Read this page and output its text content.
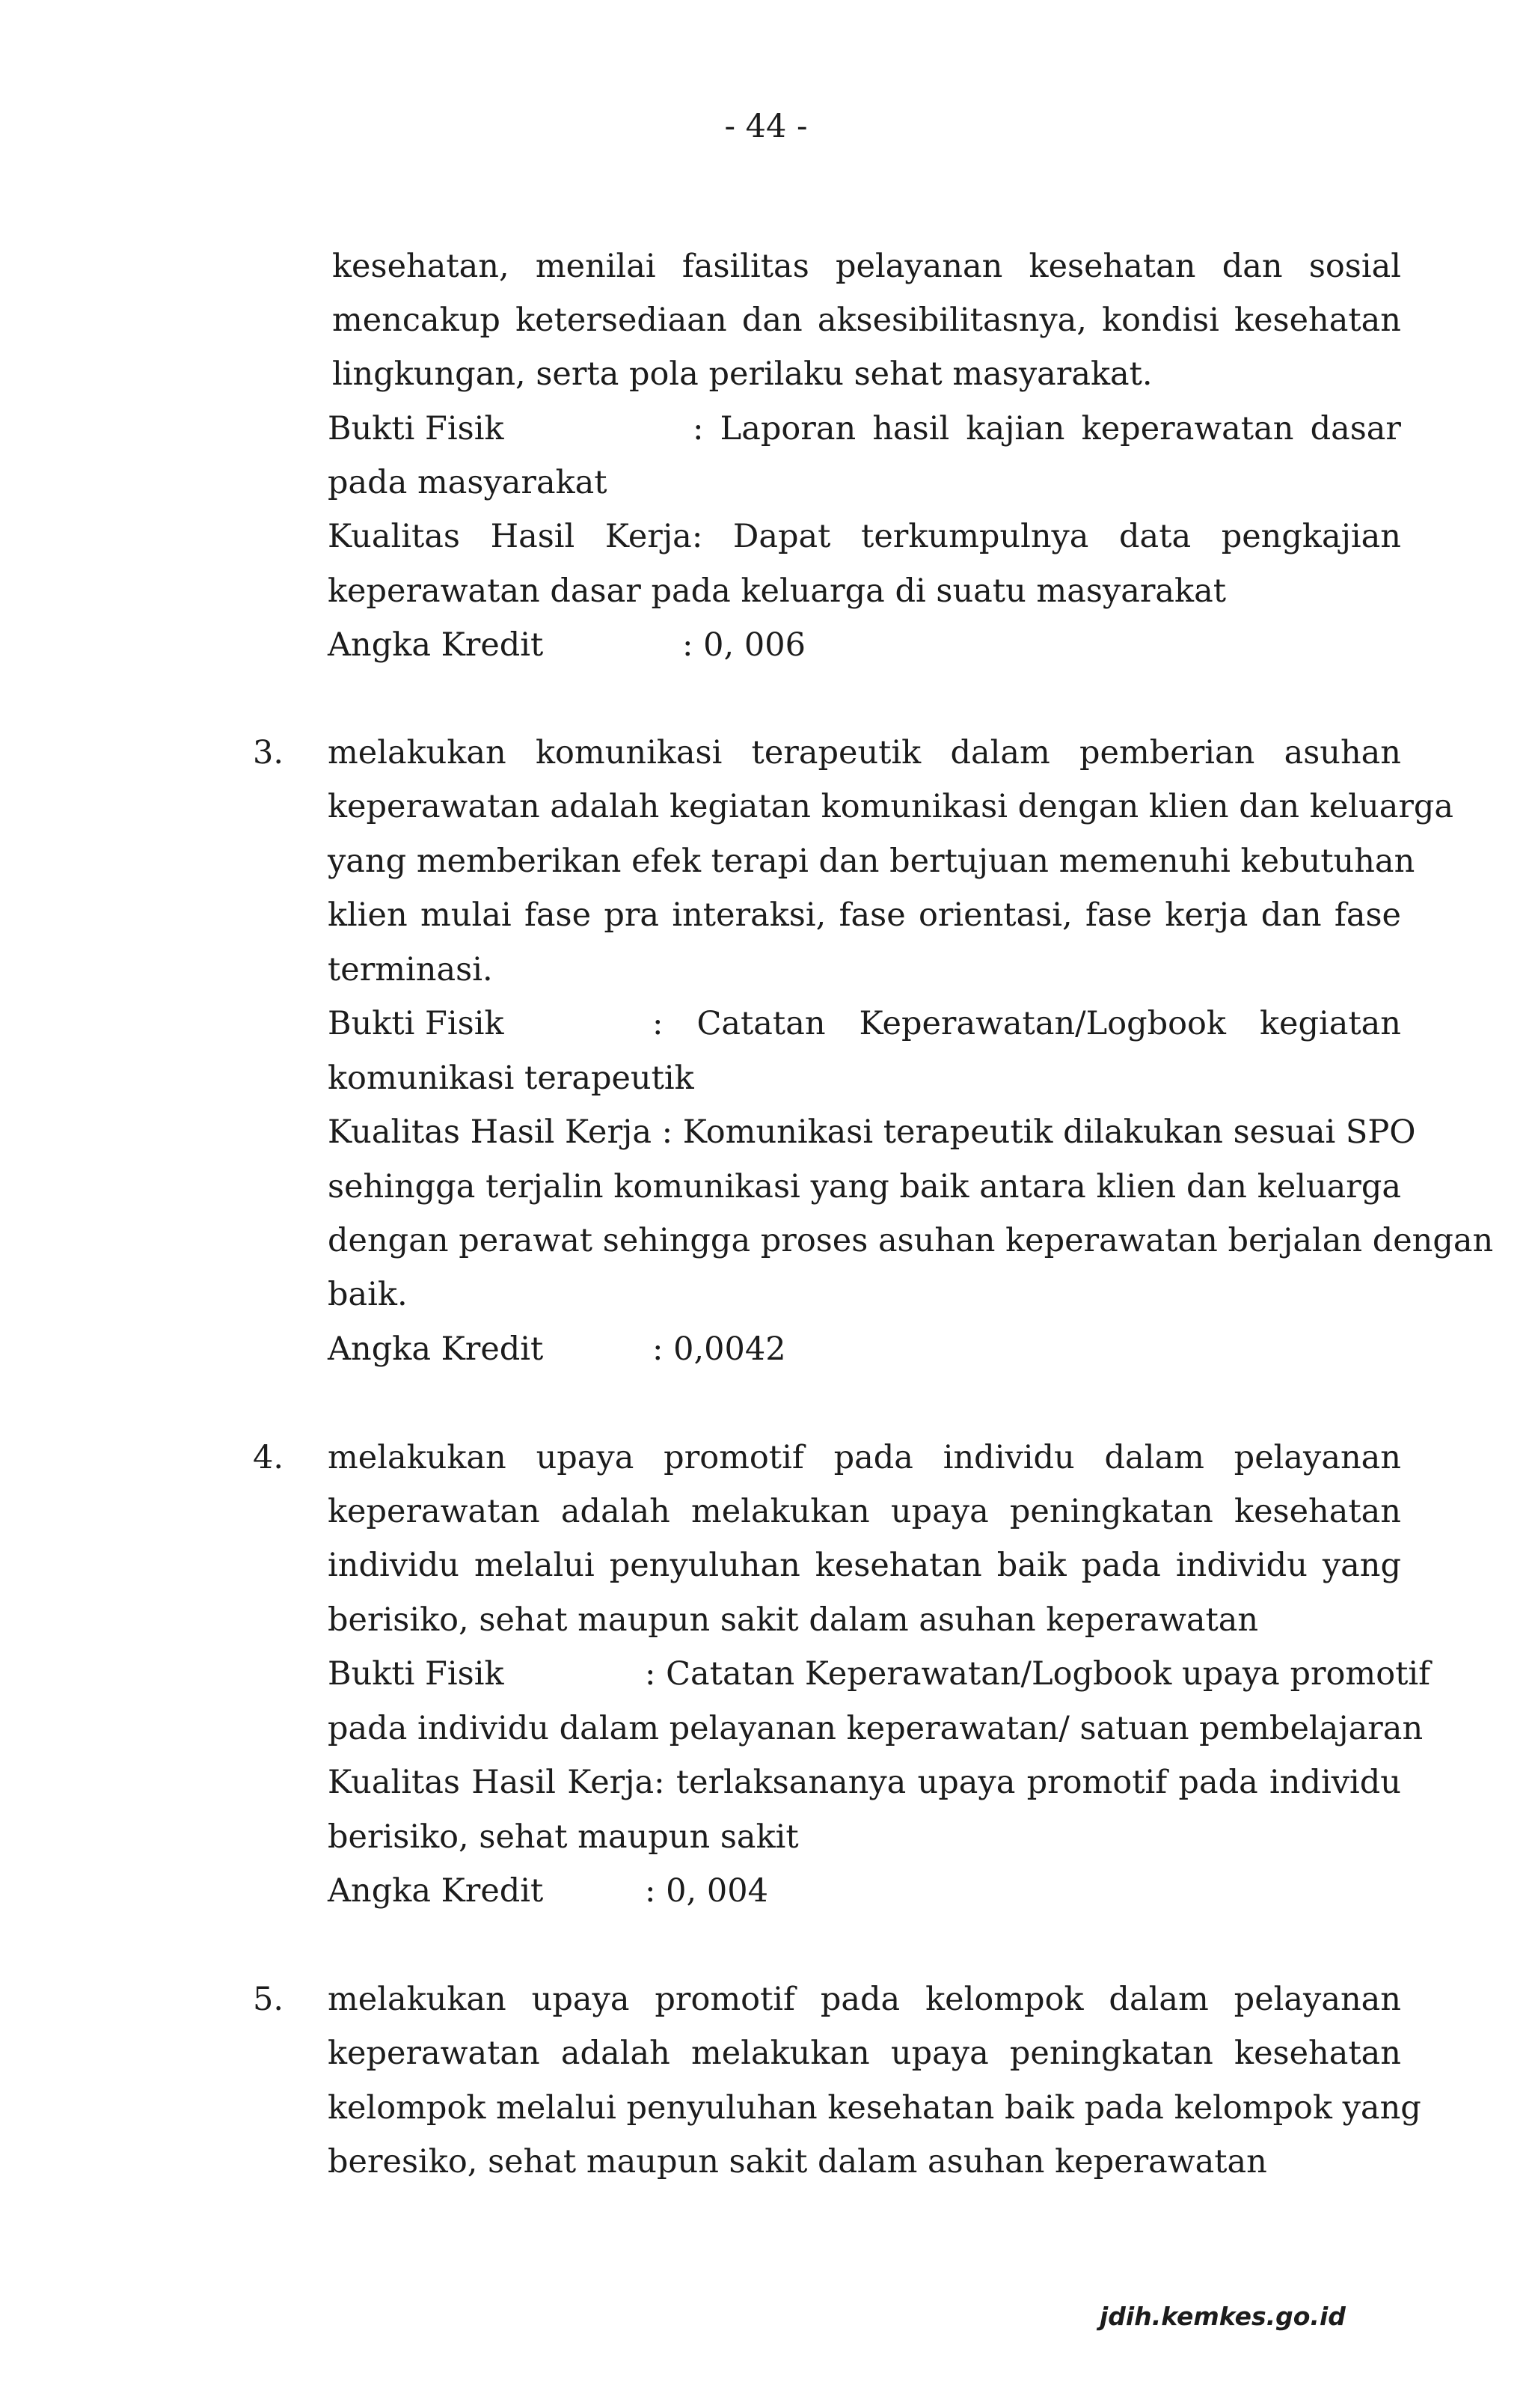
- 44 -
kesehatan, menilai fasilitas pelayanan kesehatan dan sosial
mencakup ketersediaan dan aksesibilitasnya, kondisi kesehatan
lingkungan, serta pola perilaku sehat masyarakat.
Bukti Fisik	: Laporan hasil kajian keperawatan dasar
pada masyarakat
Kualitas Hasil Kerja: Dapat terkumpulnya data pengkajian
keperawatan dasar pada keluarga di suatu masyarakat
Angka Kredit	: 0, 006
3. melakukan komunikasi terapeutik dalam pemberian asuhan
keperawatan adalah kegiatan komunikasi dengan klien dan keluarga
yang memberikan efek terapi dan bertujuan memenuhi kebutuhan
klien mulai fase pra interaksi, fase orientasi, fase kerja dan fase
terminasi.
Bukti Fisik	: Catatan Keperawatan/Logbook kegiatan
komunikasi terapeutik
Kualitas Hasil Kerja : Komunikasi terapeutik dilakukan sesuai SPO
sehingga terjalin komunikasi yang baik antara klien dan keluarga
dengan perawat sehingga proses asuhan keperawatan berjalan dengan
baik.
Angka Kredit	: 0,0042
4. melakukan upaya promotif pada individu dalam pelayanan
keperawatan adalah melakukan upaya peningkatan kesehatan
individu melalui penyuluhan kesehatan baik pada individu yang
berisiko, sehat maupun sakit dalam asuhan keperawatan
Bukti Fisik	: Catatan Keperawatan/Logbook upaya promotif
pada individu dalam pelayanan keperawatan/ satuan pembelajaran
Kualitas Hasil Kerja: terlaksananya upaya promotif pada individu
berisiko, sehat maupun sakit
Angka Kredit	: 0, 004
5. melakukan upaya promotif pada kelompok dalam pelayanan
keperawatan adalah melakukan upaya peningkatan kesehatan
kelompok melalui penyuluhan kesehatan baik pada kelompok yang
beresiko, sehat maupun sakit dalam asuhan keperawatan
jdih.kemkes.go.id
